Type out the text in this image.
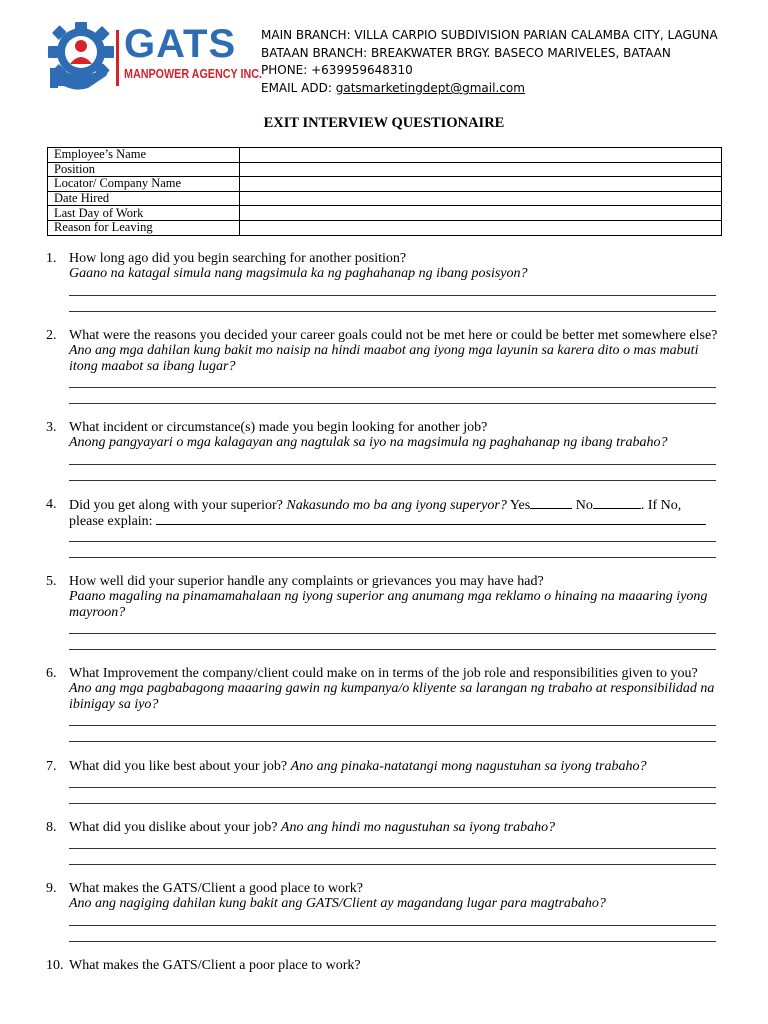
GATS
MANPOWER AGENCY INC.
MAIN BRANCH: VILLA CARPIO SUBDIVISION PARIAN CALAMBA CITY, LAGUNA
BATAAN BRANCH: BREAKWATER BRGY. BASECO MARIVELES, BATAAN
PHONE: +639959648310
EMAIL ADD: gatsmarketingdept@gmail.com
EXIT INTERVIEW QUESTIONAIRE
Employee’s Name	
Position	
Locator/ Company Name	
Date Hired	
Last Day of Work	
Reason for Leaving	
1. How long ago did you begin searching for another position?
Gaano na katagal simula nang magsimula ka ng paghahanap ng ibang posisyon?
2. What were the reasons you decided your career goals could not be met here or could be better met somewhere else? Ano ang mga dahilan kung bakit mo naisip na hindi maabot ang iyong mga layunin sa karera dito o mas mabuti itong maabot sa ibang lugar?
3. What incident or circumstance(s) made you begin looking for another job?
Anong pangyayari o mga kalagayan ang nagtulak sa iyo na magsimula ng paghahanap ng ibang trabaho?
4. Did you get along with your superior? Nakasundo mo ba ang iyong superyor? Yes	No	. If No, please explain:
5. How well did your superior handle any complaints or grievances you may have had?
Paano magaling na pinamamahalaan ng iyong superior ang anumang mga reklamo o hinaing na maaaring iyong mayroon?
6. What Improvement the company/client could make on in terms of the job role and responsibilities given to you?
Ano ang mga pagbabagong maaaring gawin ng kumpanya/o kliyente sa larangan ng trabaho at responsibilidad na ibinigay sa iyo?
7. What did you like best about your job? Ano ang pinaka-natatangi mong nagustuhan sa iyong trabaho?
8. What did you dislike about your job? Ano ang hindi mo nagustuhan sa iyong trabaho?
9. What makes the GATS/Client a good place to work?
Ano ang nagiging dahilan kung bakit ang GATS/Client ay magandang lugar para magtrabaho?
10. What makes the GATS/Client a poor place to work?
